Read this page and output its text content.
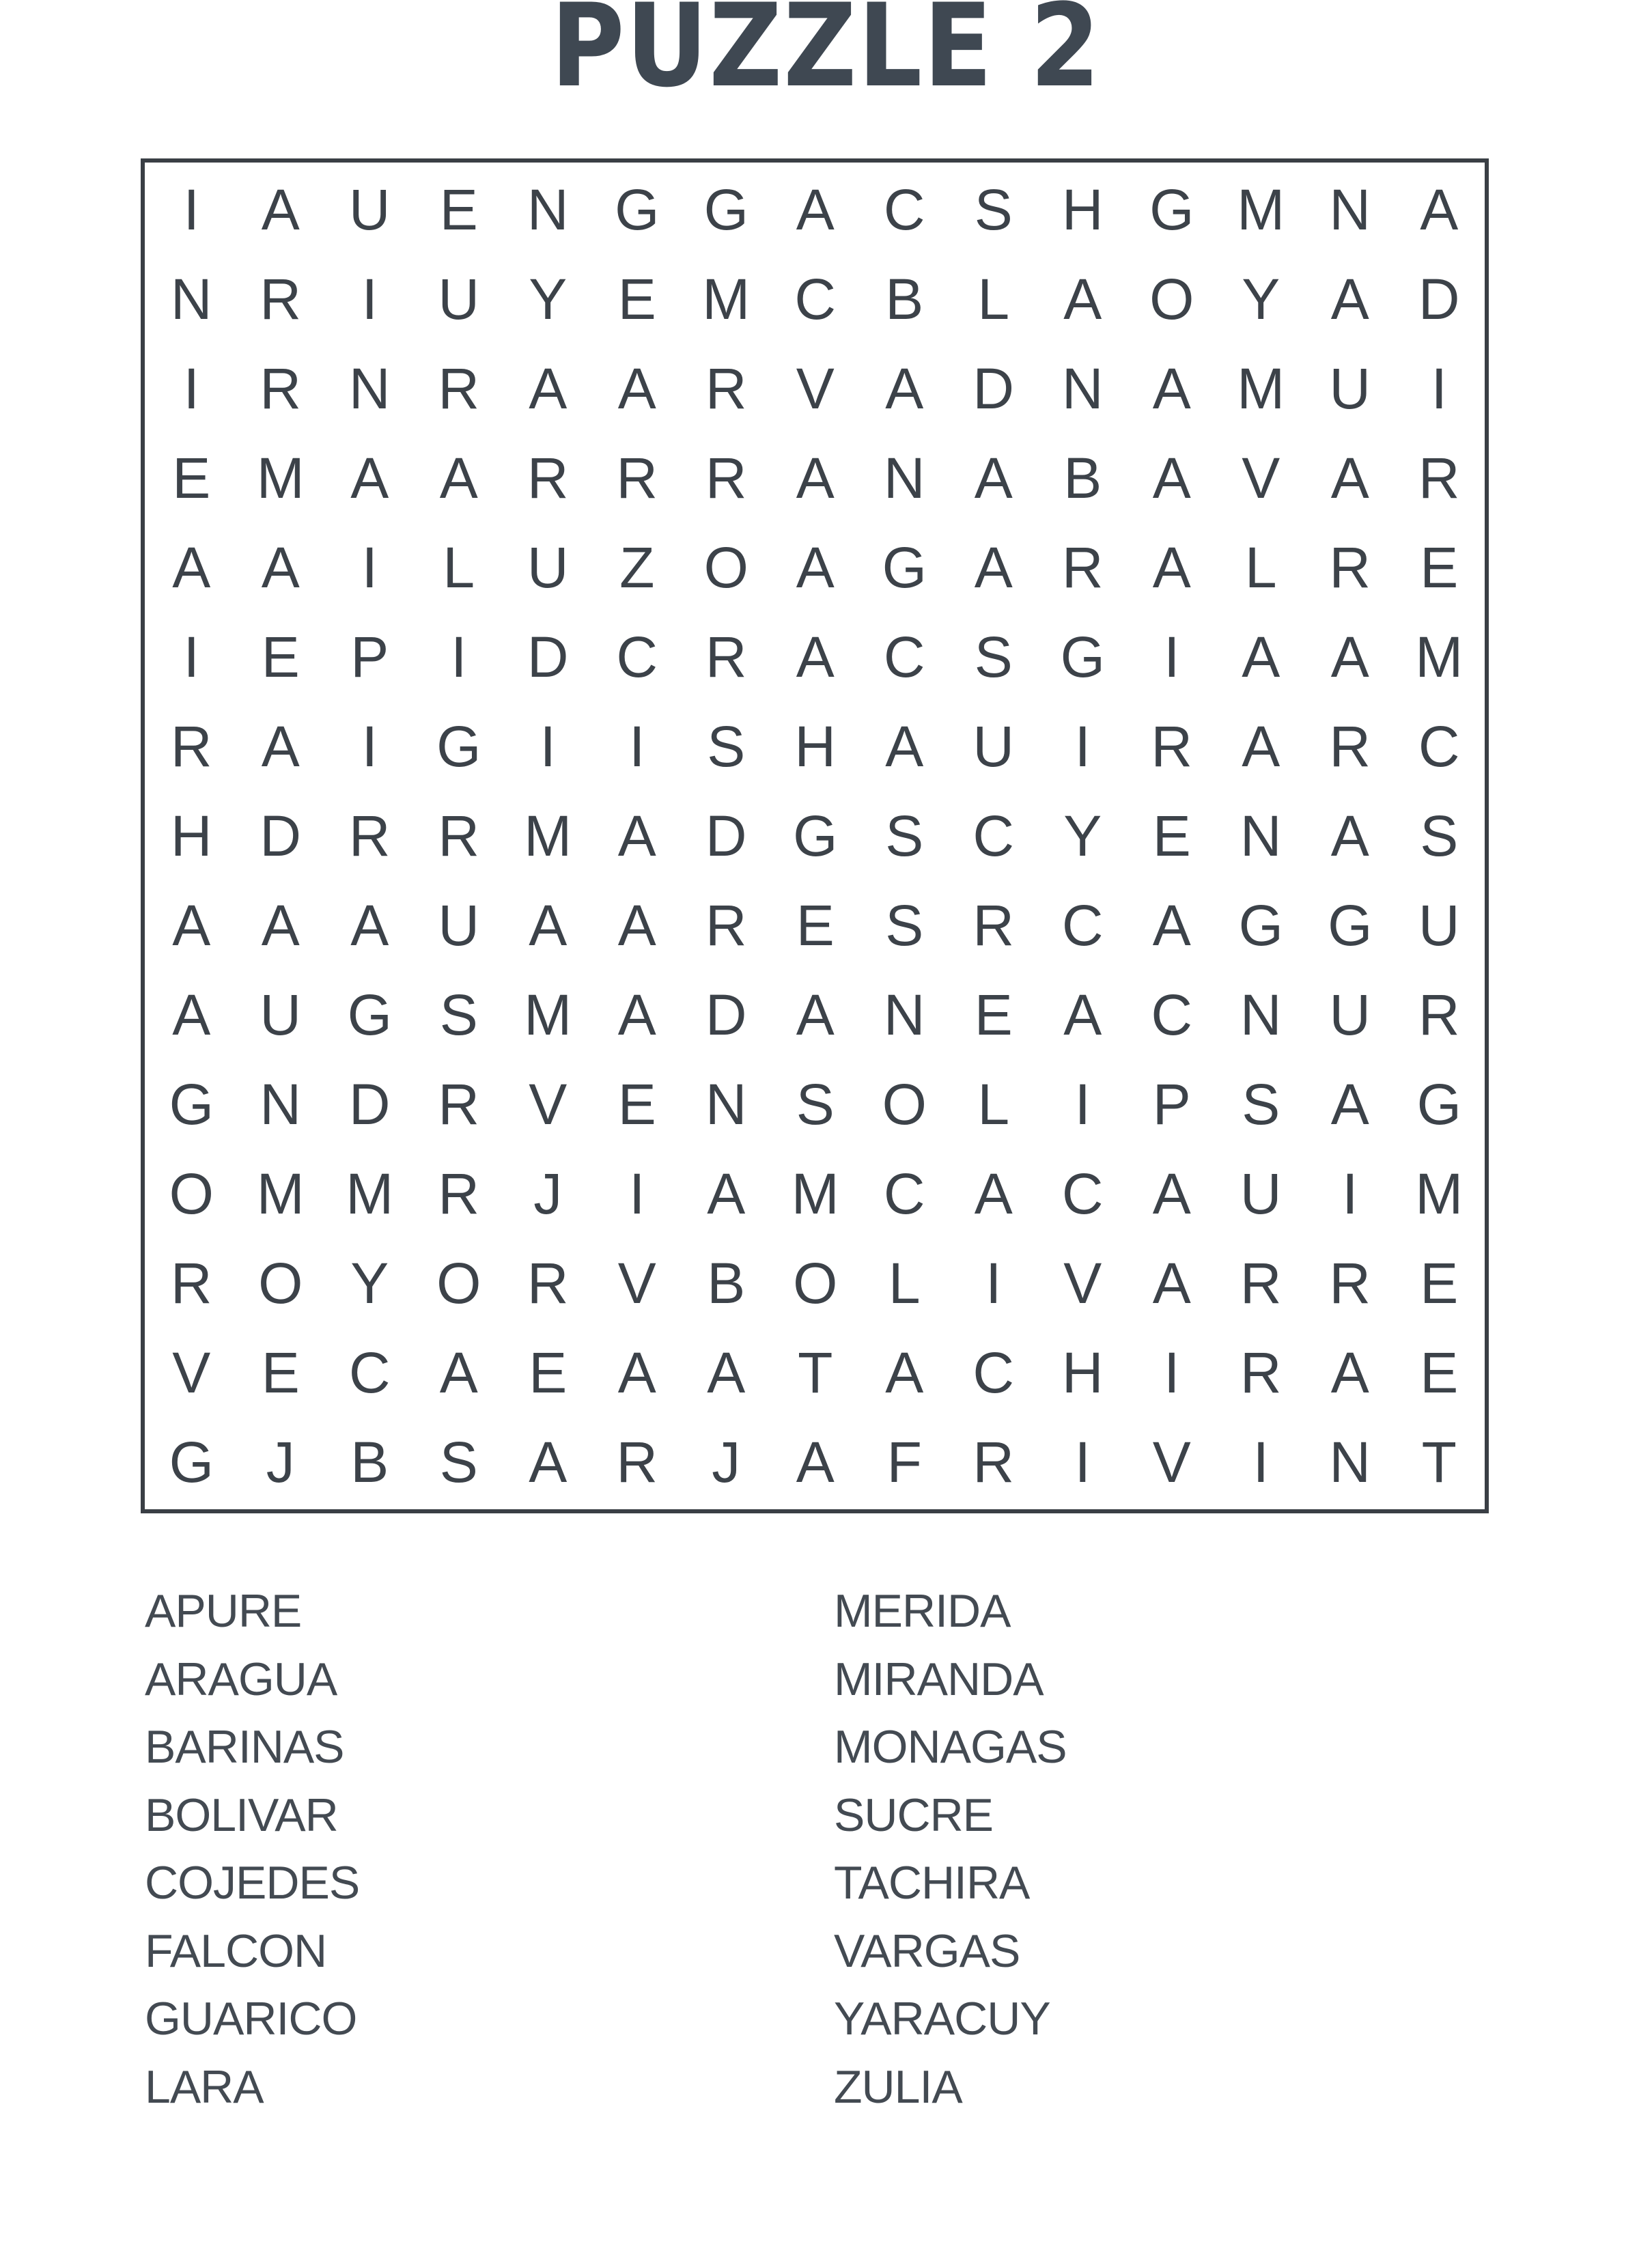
PUZZLE 2
I	A U E N G G A C S H G M N A
N R	I	U Y E M C B L A O Y A D
I	R N R A A R V A D N A M U	I
E M A A R R R A N A B A V A R
A A	I	L U Z O A G A R A L R E
I	E P	I	D C R A C S G	I	A A M
R A	I	G	I	I	S H A U	I	R A R C
H D R R M A D G S C Y E N A S
A A A U A A R E S R C A G G U
A U G S M A D A N E A C N U R
G N D R V E N S O L	I	P S A G
O M M R J	I	A M C A C A U	I M
R O Y O R V B O L	I	V A R R E
V E C A E A A T A C H	I	R A E
G J B S A R J A F R	I	V	I	N T
APURE
ARAGUA
BARINAS
BOLIVAR
COJEDES
FALCON
GUARICO
LARA
MERIDA
MIRANDA
MONAGAS
SUCRE
TACHIRA
VARGAS
YARACUY
ZULIA
